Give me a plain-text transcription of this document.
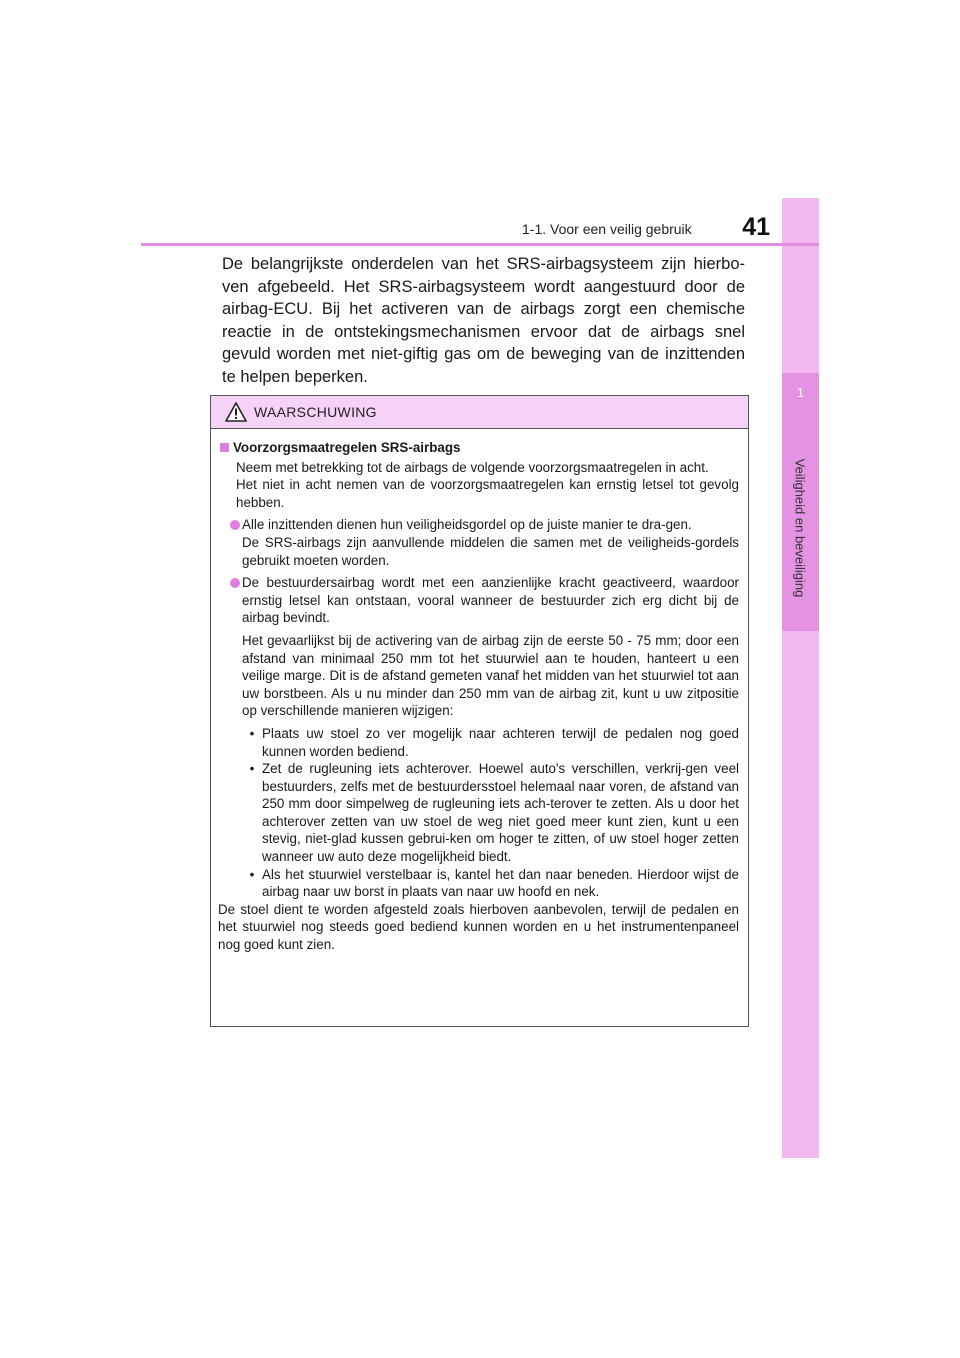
1
Veiligheid en beveiliging
1-1. Voor een veilig gebruik 41
De belangrijkste onderdelen van het SRS-airbagsysteem zijn hierbo-ven afgebeeld. Het SRS-airbagsysteem wordt aangestuurd door de airbag-ECU. Bij het activeren van de airbags zorgt een chemische reactie in de ontstekingsmechanismen ervoor dat de airbags snel gevuld worden met niet-giftig gas om de beweging van de inzittenden te helpen beperken.
WAARSCHUWING
Voorzorgsmaatregelen SRS-airbags

Neem met betrekking tot de airbags de volgende voorzorgsmaatregelen in acht.

Het niet in acht nemen van de voorzorgsmaatregelen kan ernstig letsel tot gevolg hebben.

Alle inzittenden dienen hun veiligheidsgordel op de juiste manier te dra-gen.

De SRS-airbags zijn aanvullende middelen die samen met de veiligheids-gordels gebruikt moeten worden.

De bestuurdersairbag wordt met een aanzienlijke kracht geactiveerd, waardoor ernstig letsel kan ontstaan, vooral wanneer de bestuurder zich erg dicht bij de airbag bevindt.

Het gevaarlijkst bij de activering van de airbag zijn de eerste 50 - 75 mm; door een afstand van minimaal 250 mm tot het stuurwiel aan te houden, hanteert u een veilige marge. Dit is de afstand gemeten vanaf het midden van het stuurwiel tot aan uw borstbeen. Als u nu minder dan 250 mm van de airbag zit, kunt u uw zitpositie op verschillende manieren wijzigen:

• Plaats uw stoel zo ver mogelijk naar achteren terwijl de pedalen nog goed kunnen worden bediend.
• Zet de rugleuning iets achterover. Hoewel auto's verschillen, verkrij-gen veel bestuurders, zelfs met de bestuurdersstoel helemaal naar voren, de afstand van 250 mm door simpelweg de rugleuning iets ach-terover te zetten. Als u door het achterover zetten van uw stoel de weg niet goed meer kunt zien, kunt u een stevig, niet-glad kussen gebrui-ken om hoger te zitten, of uw stoel hoger zetten wanneer uw auto deze mogelijkheid biedt.
• Als het stuurwiel verstelbaar is, kantel het dan naar beneden. Hierdoor wijst de airbag naar uw borst in plaats van naar uw hoofd en nek.

De stoel dient te worden afgesteld zoals hierboven aanbevolen, terwijl de pedalen en het stuurwiel nog steeds goed bediend kunnen worden en u het instrumentenpaneel nog goed kunt zien.
